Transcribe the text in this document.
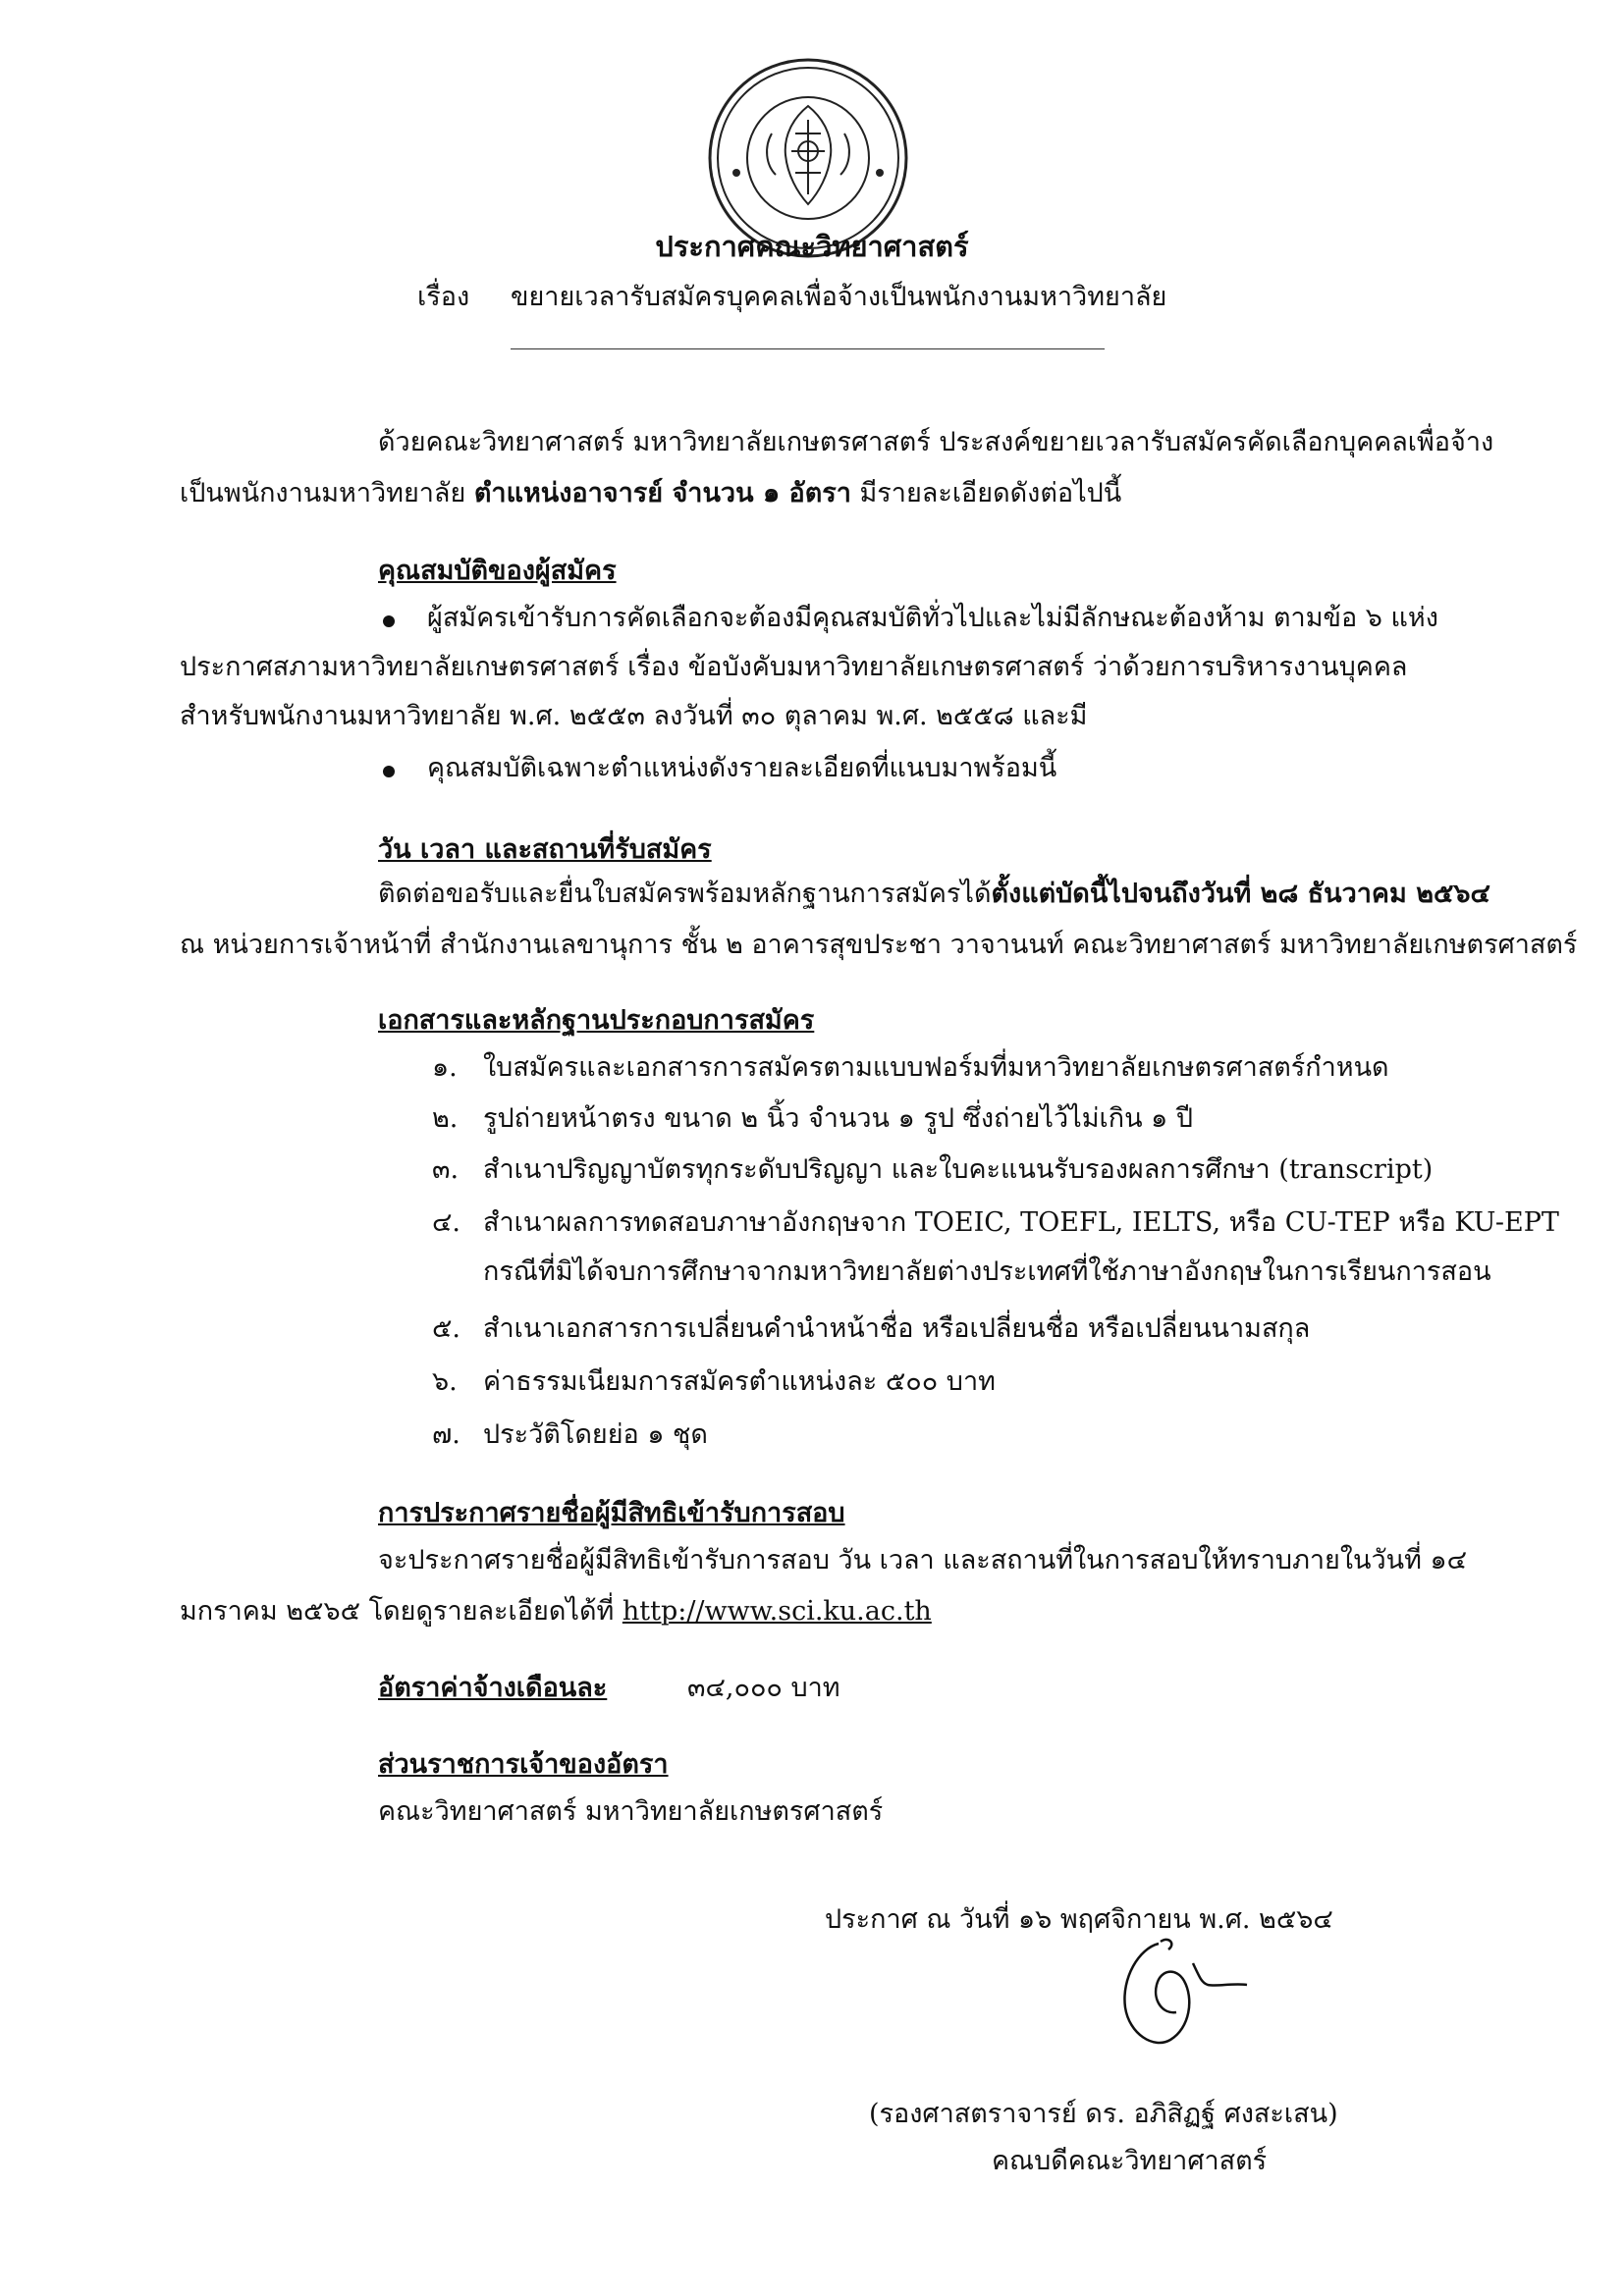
ประกาศคณะวิทยาศาสตร์
เรื่อง ขยายเวลารับสมัครบุคคลเพื่อจ้างเป็นพนักงานมหาวิทยาลัย
ด้วยคณะวิทยาศาสตร์ มหาวิทยาลัยเกษตรศาสตร์ ประสงค์ขยายเวลารับสมัครคัดเลือกบุคคลเพื่อจ้าง
เป็นพนักงานมหาวิทยาลัย ตำแหน่งอาจารย์ จำนวน ๑ อัตรา มีรายละเอียดดังต่อไปนี้
คุณสมบัติของผู้สมัคร
ผู้สมัครเข้ารับการคัดเลือกจะต้องมีคุณสมบัติทั่วไปและไม่มีลักษณะต้องห้าม ตามข้อ ๖ แห่ง
ประกาศสภามหาวิทยาลัยเกษตรศาสตร์ เรื่อง ข้อบังคับมหาวิทยาลัยเกษตรศาสตร์ ว่าด้วยการบริหารงานบุคคล
สำหรับพนักงานมหาวิทยาลัย พ.ศ. ๒๕๕๓ ลงวันที่ ๓๐ ตุลาคม พ.ศ. ๒๕๕๘ และมี
คุณสมบัติเฉพาะตำแหน่งดังรายละเอียดที่แนบมาพร้อมนี้
วัน เวลา และสถานที่รับสมัคร
ติดต่อขอรับและยื่นใบสมัครพร้อมหลักฐานการสมัครได้ตั้งแต่บัดนี้ไปจนถึงวันที่ ๒๘ ธันวาคม ๒๕๖๔
ณ หน่วยการเจ้าหน้าที่ สำนักงานเลขานุการ ชั้น ๒ อาคารสุขประชา วาจานนท์ คณะวิทยาศาสตร์ มหาวิทยาลัยเกษตรศาสตร์
เอกสารและหลักฐานประกอบการสมัคร
๑. ใบสมัครและเอกสารการสมัครตามแบบฟอร์มที่มหาวิทยาลัยเกษตรศาสตร์กำหนด
๒. รูปถ่ายหน้าตรง ขนาด ๒ นิ้ว จำนวน ๑ รูป ซึ่งถ่ายไว้ไม่เกิน ๑ ปี
๓. สำเนาปริญญาบัตรทุกระดับปริญญา และใบคะแนนรับรองผลการศึกษา (transcript)
๔. สำเนาผลการทดสอบภาษาอังกฤษจาก TOEIC, TOEFL, IELTS, หรือ CU-TEP หรือ KU-EPT
กรณีที่มิได้จบการศึกษาจากมหาวิทยาลัยต่างประเทศที่ใช้ภาษาอังกฤษในการเรียนการสอน
๕. สำเนาเอกสารการเปลี่ยนคำนำหน้าชื่อ หรือเปลี่ยนชื่อ หรือเปลี่ยนนามสกุล
๖. ค่าธรรมเนียมการสมัครตำแหน่งละ ๕๐๐ บาท
๗. ประวัติโดยย่อ ๑ ชุด
การประกาศรายชื่อผู้มีสิทธิเข้ารับการสอบ
จะประกาศรายชื่อผู้มีสิทธิเข้ารับการสอบ วัน เวลา และสถานที่ในการสอบให้ทราบภายในวันที่ ๑๔
มกราคม ๒๕๖๕ โดยดูรายละเอียดได้ที่ http://www.sci.ku.ac.th
อัตราค่าจ้างเดือนละ	๓๔,๐๐๐ บาท
ส่วนราชการเจ้าของอัตรา
คณะวิทยาศาสตร์ มหาวิทยาลัยเกษตรศาสตร์
ประกาศ ณ วันที่ ๑๖ พฤศจิกายน พ.ศ. ๒๕๖๔
(รองศาสตราจารย์ ดร. อภิสิฏฐ์ ศงสะเสน)
คณบดีคณะวิทยาศาสตร์
